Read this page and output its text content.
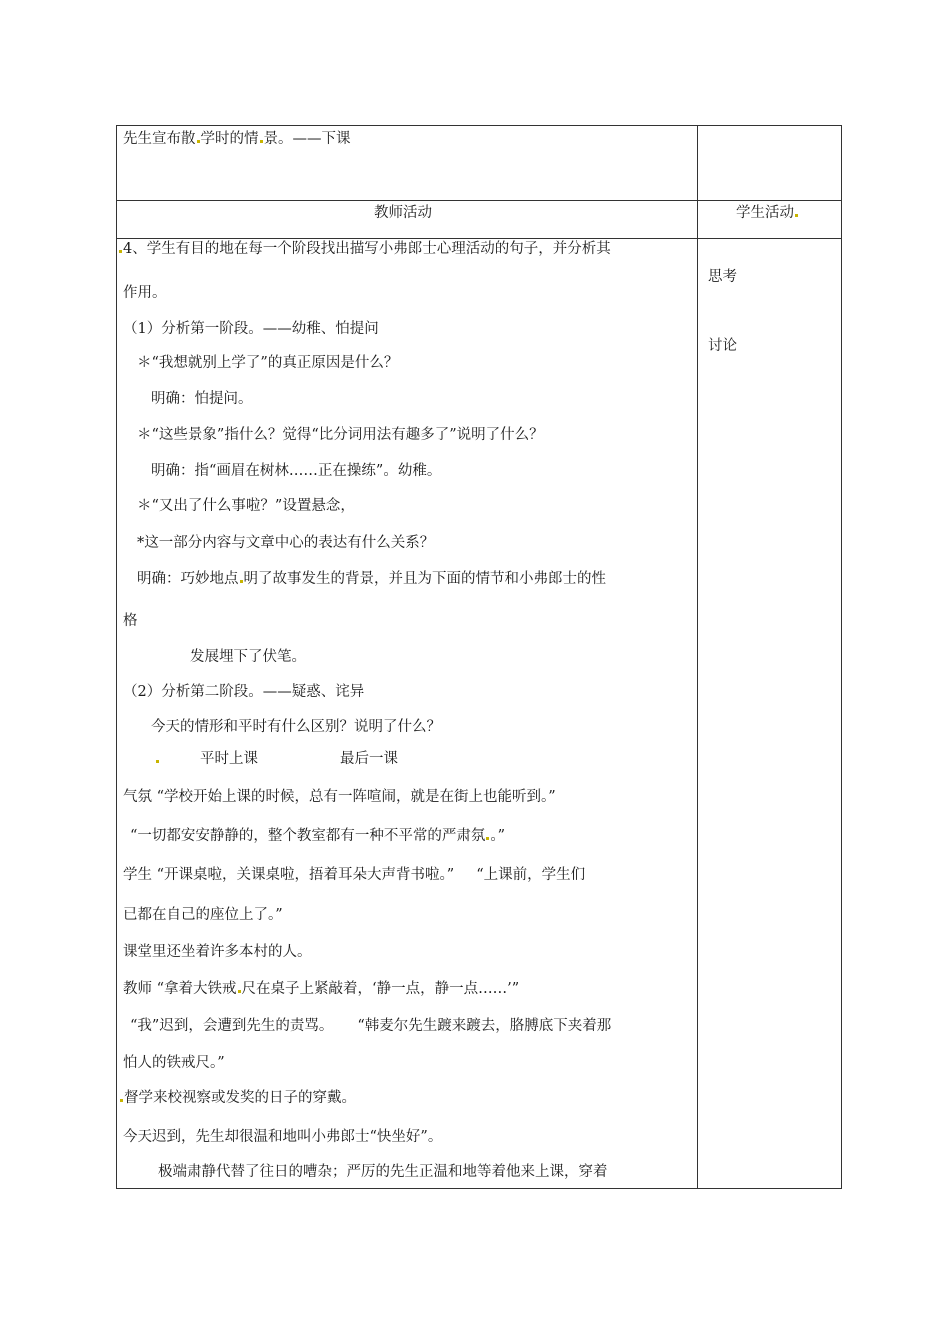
先生宣布散 学时的情 景。——下课
教师活动	学生活动
思考
讨论
4、学生有目的地在每一个阶段找出描写小弗郎士心理活动的句子，并分析其
作用。
（1）分析第一阶段。——幼稚、怕提问
＊“我想就别上学了”的真正原因是什么？
明确：怕提问。
＊“这些景象”指什么？觉得“比分词用法有趣多了”说明了什么？
明确：指“画眉在树林……正在操练”。幼稚。
＊“又出了什么事啦？”设置悬念，
*这一部分内容与文章中心的表达有什么关系？
明确：巧妙地点 明了故事发生的背景，并且为下面的情节和小弗郎士的性
格
发展埋下了伏笔。
（2）分析第二阶段。——疑惑、诧异
今天的情形和平时有什么区别？说明了什么？
平时上课	最后一课
气氛 “学校开始上课的时候，总有一阵喧闹，就是在街上也能听到。”
“一切都安安静静的，整个教室都有一种不平常的严肃氛 。”
学生 “开课桌啦，关课桌啦，捂着耳朵大声背书啦。” “上课前，学生们
已都在自己的座位上了。”
课堂里还坐着许多本村的人。
教师 “拿着大铁戒 尺在桌子上紧敲着，‘静一点，静一点……’”
“我”迟到，会遭到先生的责骂。 “韩麦尔先生踱来踱去，胳膊底下夹着那
怕人的铁戒尺。”
督学来校视察或发奖的日子的穿戴。
今天迟到，先生却很温和地叫小弗郎士“快坐好”。
极端肃静代替了往日的嘈杂；严厉的先生正温和地等着他来上课，穿着
